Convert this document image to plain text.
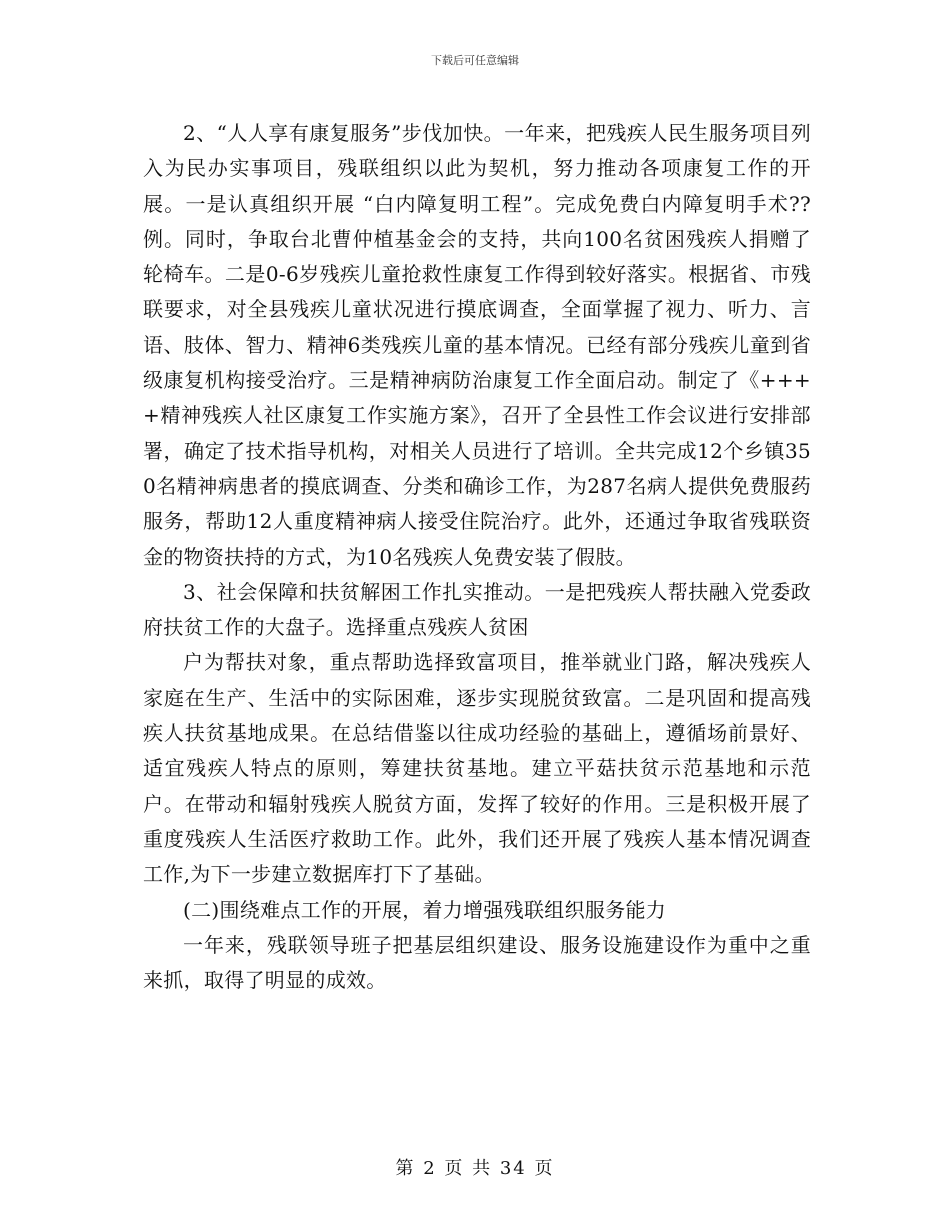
下载后可任意编辑

2、“人人享有康复服务”步伐加快。一年来，把残疾人民生服务项目列入为民办实事项目，残联组织以此为契机，努力推动各项康复工作的开展。一是认真组织开展 “白内障复明工程”。完成免费白内障复明手术??例。同时，争取台北曹仲植基金会的支持，共向100名贫困残疾人捐赠了轮椅车。二是0-6岁残疾儿童抢救性康复工作得到较好落实。根据省、市残联要求，对全县残疾儿童状况进行摸底调查，全面掌握了视力、听力、言语、肢体、智力、精神6类残疾儿童的基本情况。已经有部分残疾儿童到省级康复机构接受治疗。三是精神病防治康复工作全面启动。制定了《++++精神残疾人社区康复工作实施方案》，召开了全县性工作会议进行安排部署，确定了技术指导机构，对相关人员进行了培训。全共完成12个乡镇350名精神病患者的摸底调查、分类和确诊工作，为287名病人提供免费服药服务，帮助12人重度精神病人接受住院治疗。此外，还通过争取省残联资金的物资扶持的方式，为10名残疾人免费安装了假肢。

3、社会保障和扶贫解困工作扎实推动。一是把残疾人帮扶融入党委政府扶贫工作的大盘子。选择重点残疾人贫困

户为帮扶对象，重点帮助选择致富项目，推举就业门路，解决残疾人家庭在生产、生活中的实际困难，逐步实现脱贫致富。二是巩固和提高残疾人扶贫基地成果。在总结借鉴以往成功经验的基础上，遵循场前景好、适宜残疾人特点的原则，筹建扶贫基地。建立平菇扶贫示范基地和示范户。在带动和辐射残疾人脱贫方面，发挥了较好的作用。三是积极开展了重度残疾人生活医疗救助工作。此外，我们还开展了残疾人基本情况调查工作,为下一步建立数据库打下了基础。

(二)围绕难点工作的开展，着力增强残联组织服务能力

一年来，残联领导班子把基层组织建设、服务设施建设作为重中之重来抓，取得了明显的成效。

第 2 页 共 34 页
